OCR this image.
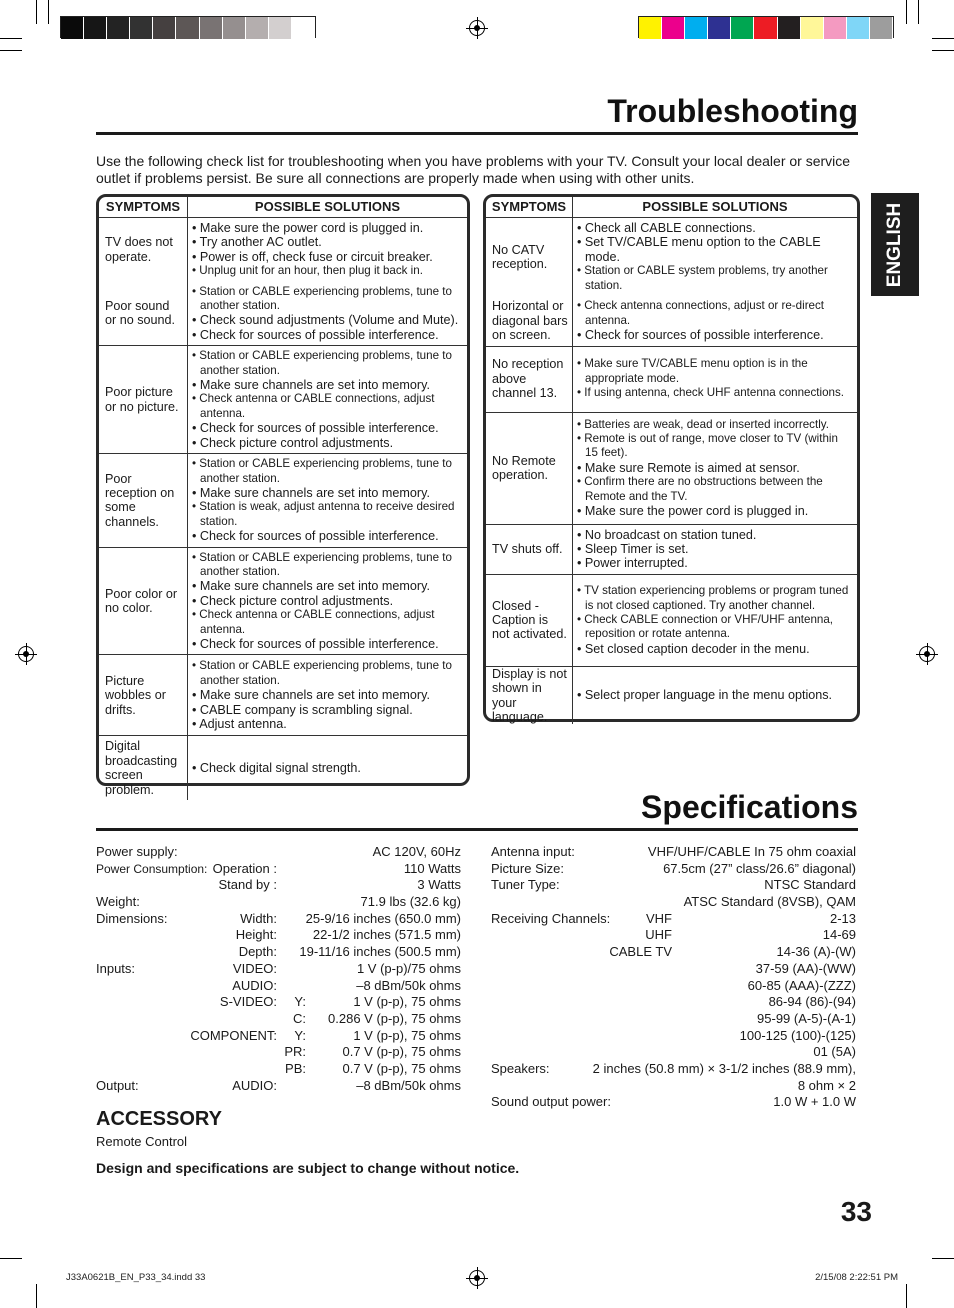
Troubleshooting
Use the following check list for troubleshooting when you have problems with your TV. Consult your local dealer or service outlet if problems persist. Be sure all connections are properly made when using with other units.
SYMPTOMS	POSSIBLE SOLUTIONS
TV does not operate.	• Make sure the power cord is plugged in.
• Try another AC outlet.
• Power is off, check fuse or circuit breaker.
• Unplug unit for an hour, then plug it back in.

Poor sound or no sound.	• Station or CABLE experiencing problems, tune to another station.
• Check sound adjustments (Volume and Mute).
• Check for sources of possible interference.

Poor picture or no picture.	• Station or CABLE experiencing problems, tune to another station.
• Make sure channels are set into memory.
• Check antenna or CABLE connections, adjust antenna.
• Check for sources of possible interference.
• Check picture control adjustments.

Poor reception on some channels.	• Station or CABLE experiencing problems, tune to another station.
• Make sure channels are set into memory.
• Station is weak, adjust antenna to receive desired station.
• Check for sources of possible interference.

Poor color or no color.	• Station or CABLE experiencing problems, tune to another station.
• Make sure channels are set into memory.
• Check picture control adjustments.
• Check antenna or CABLE connections, adjust antenna.
• Check for sources of possible interference.

Picture wobbles or drifts.	• Station or CABLE experiencing problems, tune to another station.
• Make sure channels are set into memory.
• CABLE company is scrambling signal.
• Adjust antenna.

Digital broadcasting screen problem.	• Check digital signal strength.
SYMPTOMS	POSSIBLE SOLUTIONS
No CATV reception.	• Check all CABLE connections.
• Set TV/CABLE menu option to the CABLE mode.
• Station or CABLE system problems, try another station.

Horizontal or diagonal bars on screen.	• Check antenna connections, adjust or re-direct antenna.
• Check for sources of possible interference.

No reception above channel 13.	• Make sure TV/CABLE menu option is in the appropriate mode.
• If using antenna, check UHF antenna connections.

No Remote operation.	• Batteries are weak, dead or inserted incorrectly.
• Remote is out of range, move closer to TV (within 15 feet).
• Make sure Remote is aimed at sensor.
• Confirm there are no obstructions between the Remote and the TV.
• Make sure the power cord is plugged in.

TV shuts off.	• No broadcast on station tuned.
• Sleep Timer is set.
• Power interrupted.

Closed - Caption is not activated.	• TV station experiencing problems or program tuned is not closed captioned. Try another channel.
• Check CABLE connection or VHF/UHF antenna, reposition or rotate antenna.
• Set closed caption decoder in the menu.

Display is not shown in your language.	• Select proper language in the menu options.
ENGLISH
Specifications
Power supply:	AC 120V, 60Hz
Power Consumption: Operation :	110 Watts
Stand by :	3 Watts
Weight:	71.9 lbs (32.6 kg)
Dimensions:	Width: 25-9/16 inches (650.0 mm)
Height:	22-1/2 inches (571.5 mm)
Depth: 19-11/16 inches (500.5 mm)
Inputs:	VIDEO:	1 V (p-p)/75 ohms
AUDIO:	–8 dBm/50k ohms
S-VIDEO: Y:	1 V (p-p), 75 ohms
C: 0.286 V (p-p), 75 ohms
COMPONENT: Y:	1 V (p-p), 75 ohms
PR:	0.7 V (p-p), 75 ohms
PB:	0.7 V (p-p), 75 ohms
Output:	AUDIO:	–8 dBm/50k ohms
Antenna input:	VHF/UHF/CABLE In 75 ohm coaxial
Picture Size:	67.5cm (27” class/26.6” diagonal)
Tuner Type:	NTSC Standard
ATSC Standard (8VSB), QAM
Receiving Channels:	VHF	2-13
UHF	14-69
CABLE TV	14-36 (A)-(W)
37-59 (AA)-(WW)
60-85 (AAA)-(ZZZ)
86-94 (86)-(94)
95-99 (A-5)-(A-1)
100-125 (100)-(125)
01 (5A)
Speakers:	2 inches (50.8 mm) × 3-1/2 inches (88.9 mm),
8 ohm × 2
Sound output power:	1.0 W + 1.0 W
ACCESSORY
Remote Control
Design and specifications are subject to change without notice.
33
J33A0621B_EN_P33_34.indd 33	2/15/08 2:22:51 PM
